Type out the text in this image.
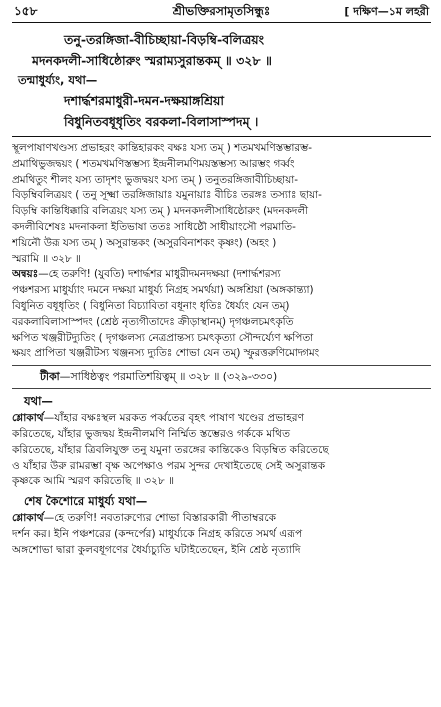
১৫৮	শ্রীভক্তিরসামৃতসিন্ধুঃ	[ দক্ষিণ—১ম লহরী
তনু-তরঙ্গিজা-বীচিচ্ছায়া-বিড়ম্বি-বলিত্রয়ং
মদনকদলী-সাধিষ্ঠোরুং স্মরাম্যসুরান্তকম্‌ ॥ ৩২৮ ॥
তন্মাধুর্য্যং, যথা—
দশার্দ্ধশরমাধুরী-দমন-দক্ষয়াঙ্গশ্রিয়া
বিধুনিতবধূধৃতিং বরকলা-বিলাসাস্পদম্‌ ।
স্থূলপাষাণখণ্ডস্য প্রভাহরং কান্তিহারকং বক্ষঃ যস্য তম্‌ ) শতমখমণিস্তম্ভারম্ভ-
প্রমাথিভুজদ্বয়ং ( শতমখমণিস্তম্ভস্য ইন্দ্রনীলমণিময়স্তম্ভস্য আরম্ভং গর্ব্বং
প্রমথিতুং শীলং যস্য তাদৃশং ভুজদ্বয়ং যস্য তম্‌ ) তনুতরঙ্গিজাবীচিচ্ছায়া-
বিড়ম্বিবলিত্রয়ং ( তনু সূক্ষ্মা তরঙ্গিজায়াঃ যমুনায়াঃ বীচিঃ তরঙ্গঃ তস্যাঃ ছায়া-
বিড়ম্বি কান্তিধিক্কারি বলিত্রয়ং যস্য তম্‌ ) মদনকদলীসাধিষ্ঠোরুং (মদনকদলী
কদলীবিশেষঃ মদনাকলা ইতিভাষা ততঃ সাধিষ্ঠৌ সাধীয়াংসৌ পরমাতি-
শয়িনৌ উরূ যস্য তম্‌ ) অসুরান্তকং (অসুরবিনাশকং কৃষ্ণং) (অহং )
স্মরামি ॥ ৩২৮ ॥
অন্বয়ঃ—হে তরুণি! (যুবতি) দশার্দ্ধশর মাধুরীদমনদক্ষয়া (দশার্দ্ধশরস্য
পঞ্চশরস্য মাধুর্য্যাং দমনে দক্ষয়া মাধুর্য্য নিগ্রহ সমর্থয়া) অঙ্গশ্রিয়া (অঙ্গকান্ত্যা)
বিধুনিত বধূধৃতিং ( বিধুনিতা বিচ্যাবিতা বধূনাং ধৃতিঃ ধৈর্য্যং যেন তম্‌)
বরকলাবিলাসাস্পদং (শ্রেষ্ঠ নৃত্যগীতাদেঃ ক্রীড়াস্থানম্‌) দৃগঞ্চলচমৎকৃতি
ক্ষপিত খঞ্জরীটদ্যুতিং ( দৃগঞ্চলস্য নেত্রপ্রান্তস্য চমৎকৃত্যা সৌন্দর্য্যেণ ক্ষপিতা
ক্ষয়ং প্রাপিতা খঞ্জরীটস্য খঞ্জনস্য দ্যুতিঃ শোভা যেন তম্‌) স্ফুরত্তরুণিমোদ্গমং
টীকা—সাধিষ্ঠত্বং পরমাতিশয়িত্বম্‌ ॥ ৩২৮ ॥ (৩২৯-৩৩০)
যথা—
শ্লোকার্থ—যাঁহার বক্ষঃস্থল মরকত পর্ব্বতের বৃহৎ পাষাণ খণ্ডের প্রভাহরণ
করিতেছে, যাঁহার ভুজদ্বয় ইন্দ্রনীলমণি নির্ম্মিত স্তম্ভেরও গর্ককে মথিত
করিতেছে, যাঁহার ত্রিবলিযুক্ত তনু যমুনা তরঙ্গের কান্তিকেও বিড়ম্বিত করিতেছে
ও যাঁহার উরু রামরম্ভা বৃক্ষ অপেক্ষাও পরম সুন্দর দেখাইতেছে সেই অসুরান্তক
কৃষ্ণকে আমি স্মরণ করিতেছি ॥ ৩২৮ ॥
শেষ কৈশোরে মাধুর্য্য যথা—
শ্লোকার্থ—হে তরুণি! নবতারুণ্যের শোভা বিস্তারকারী পীতাম্বরকে
দর্শন কর। ইনি পঞ্চশরের (কন্দর্পের) মাধুর্য্যকে নিগ্রহ করিতে সমর্থ এরূপ
অঙ্গশোভা দ্বারা কুলবধূগণের ধৈর্য্যচ্যুতি ঘটাইতেছেন, ইনি শ্রেষ্ঠ নৃত্যাদি
